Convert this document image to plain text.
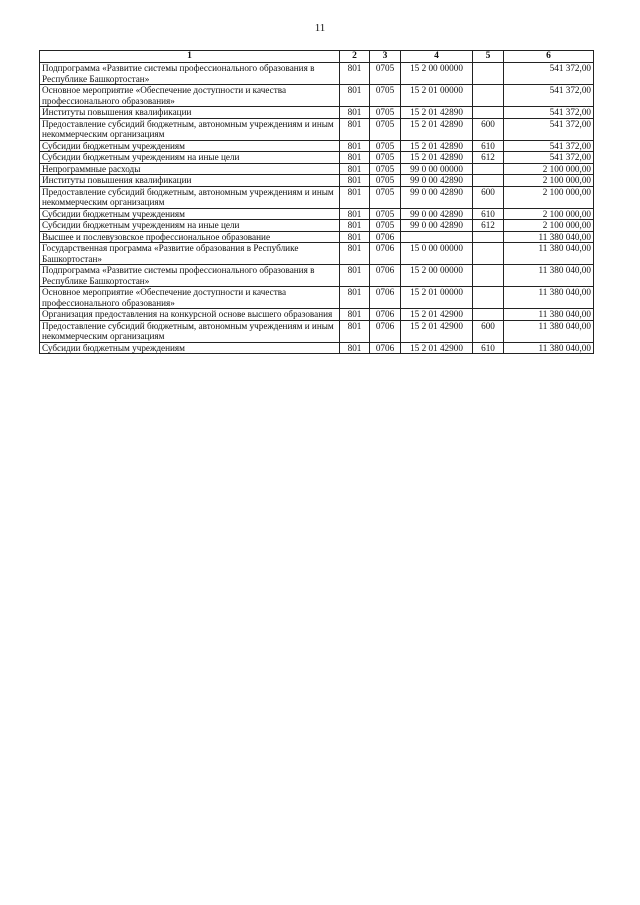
11
1	2	3	4	5	6
Подпрограмма «Развитие системы профессионального образования в Республике Башкортостан»	801	0705	15 2 00 00000		541 372,00
Основное мероприятие «Обеспечение доступности и качества профессионального образования»	801	0705	15 2 01 00000		541 372,00
Институты повышения квалификации	801	0705	15 2 01 42890		541 372,00
Предоставление субсидий бюджетным, автономным учреждениям и иным некоммерческим организациям	801	0705	15 2 01 42890	600	541 372,00
Субсидии бюджетным учреждениям	801	0705	15 2 01 42890	610	541 372,00
Субсидии бюджетным учреждениям на иные цели	801	0705	15 2 01 42890	612	541 372,00
Непрограммные расходы	801	0705	99 0 00 00000		2 100 000,00
Институты повышения квалификации	801	0705	99 0 00 42890		2 100 000,00
Предоставление субсидий бюджетным, автономным учреждениям и иным некоммерческим организациям	801	0705	99 0 00 42890	600	2 100 000,00
Субсидии бюджетным учреждениям	801	0705	99 0 00 42890	610	2 100 000,00
Субсидии бюджетным учреждениям на иные цели	801	0705	99 0 00 42890	612	2 100 000,00
Высшее и послевузовское профессиональное образование	801	0706			11 380 040,00
Государственная программа «Развитие образования в Республике Башкортостан»	801	0706	15 0 00 00000		11 380 040,00
Подпрограмма «Развитие системы профессионального образования в Республике Башкортостан»	801	0706	15 2 00 00000		11 380 040,00
Основное мероприятие «Обеспечение доступности и качества профессионального образования»	801	0706	15 2 01 00000		11 380 040,00
Организация предоставления на конкурсной основе высшего образования	801	0706	15 2 01 42900		11 380 040,00
Предоставление субсидий бюджетным, автономным учреждениям и иным некоммерческим организациям	801	0706	15 2 01 42900	600	11 380 040,00
Субсидии бюджетным учреждениям	801	0706	15 2 01 42900	610	11 380 040,00
